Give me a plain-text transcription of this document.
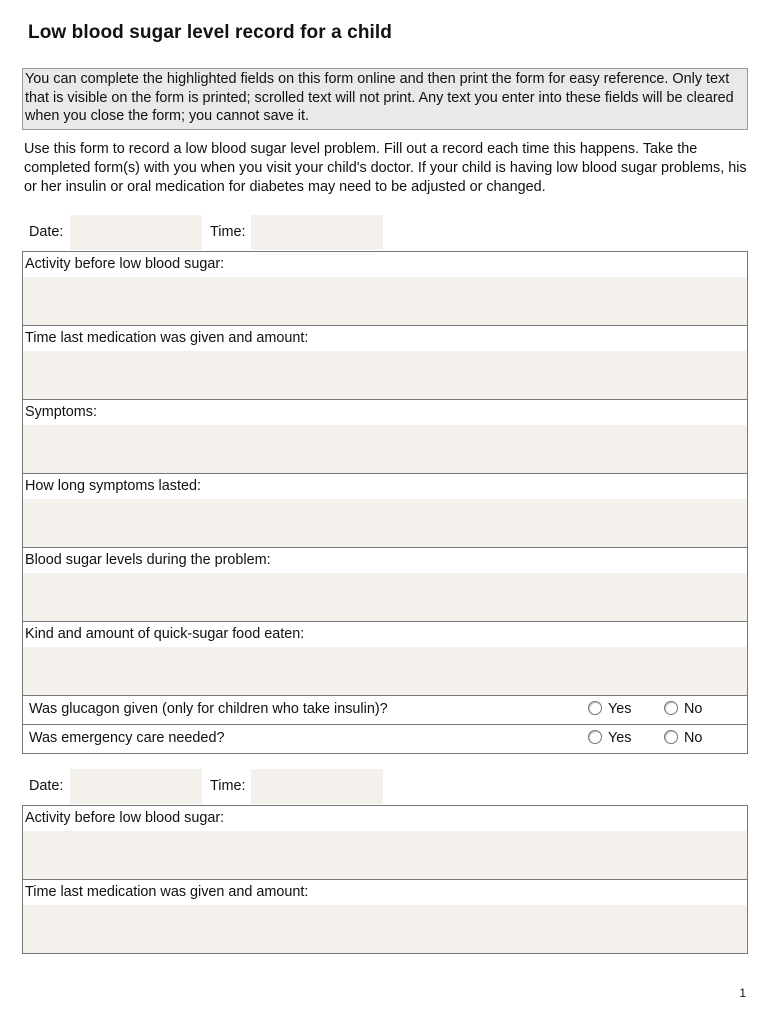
Low blood sugar level record for a child
You can complete the highlighted fields on this form online and then print the form for easy reference. Only text that is visible on the form is printed; scrolled text will not print. Any text you enter into these fields will be cleared when you close the form; you cannot save it.
Use this form to record a low blood sugar level problem. Fill out a record each time this happens. Take the completed form(s) with you when you visit your child's doctor. If your child is having low blood sugar problems, his or her insulin or oral medication for diabetes may need to be adjusted or changed.
Date:	Time:
Activity before low blood sugar:
Time last medication was given and amount:
Symptoms:
How long symptoms lasted:
Blood sugar levels during the problem:
Kind and amount of quick-sugar food eaten:
Was glucagon given (only for children who take insulin)?	Yes	No
Was emergency care needed?	Yes	No
Date:	Time:
Activity before low blood sugar:
Time last medication was given and amount:
1
